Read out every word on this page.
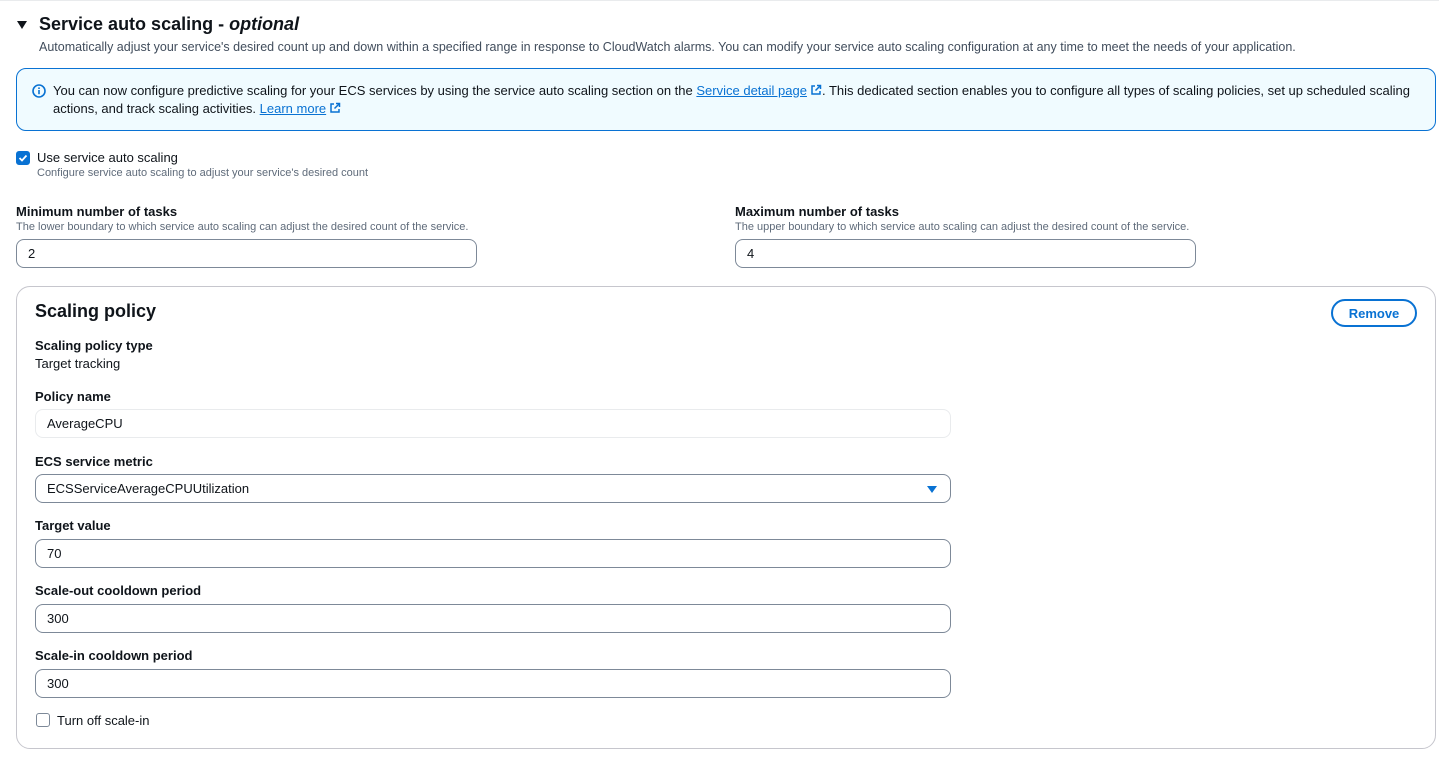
Service auto scaling - optional
Automatically adjust your service's desired count up and down within a specified range in response to CloudWatch alarms. You can modify your service auto scaling configuration at any time to meet the needs of your application.
You can now configure predictive scaling for your ECS services by using the service auto scaling section on the Service detail page . This dedicated section enables you to configure all types of scaling policies, set up scheduled scaling actions, and track scaling activities. Learn more
Use service auto scaling
Configure service auto scaling to adjust your service's desired count
Minimum number of tasks
The lower boundary to which service auto scaling can adjust the desired count of the service.
2
Maximum number of tasks
The upper boundary to which service auto scaling can adjust the desired count of the service.
4
Scaling policy	Remove
Scaling policy type
Target tracking
Policy name
AverageCPU
ECS service metric
ECSServiceAverageCPUUtilization
Target value
70
Scale-out cooldown period
300
Scale-in cooldown period
300
Turn off scale-in
